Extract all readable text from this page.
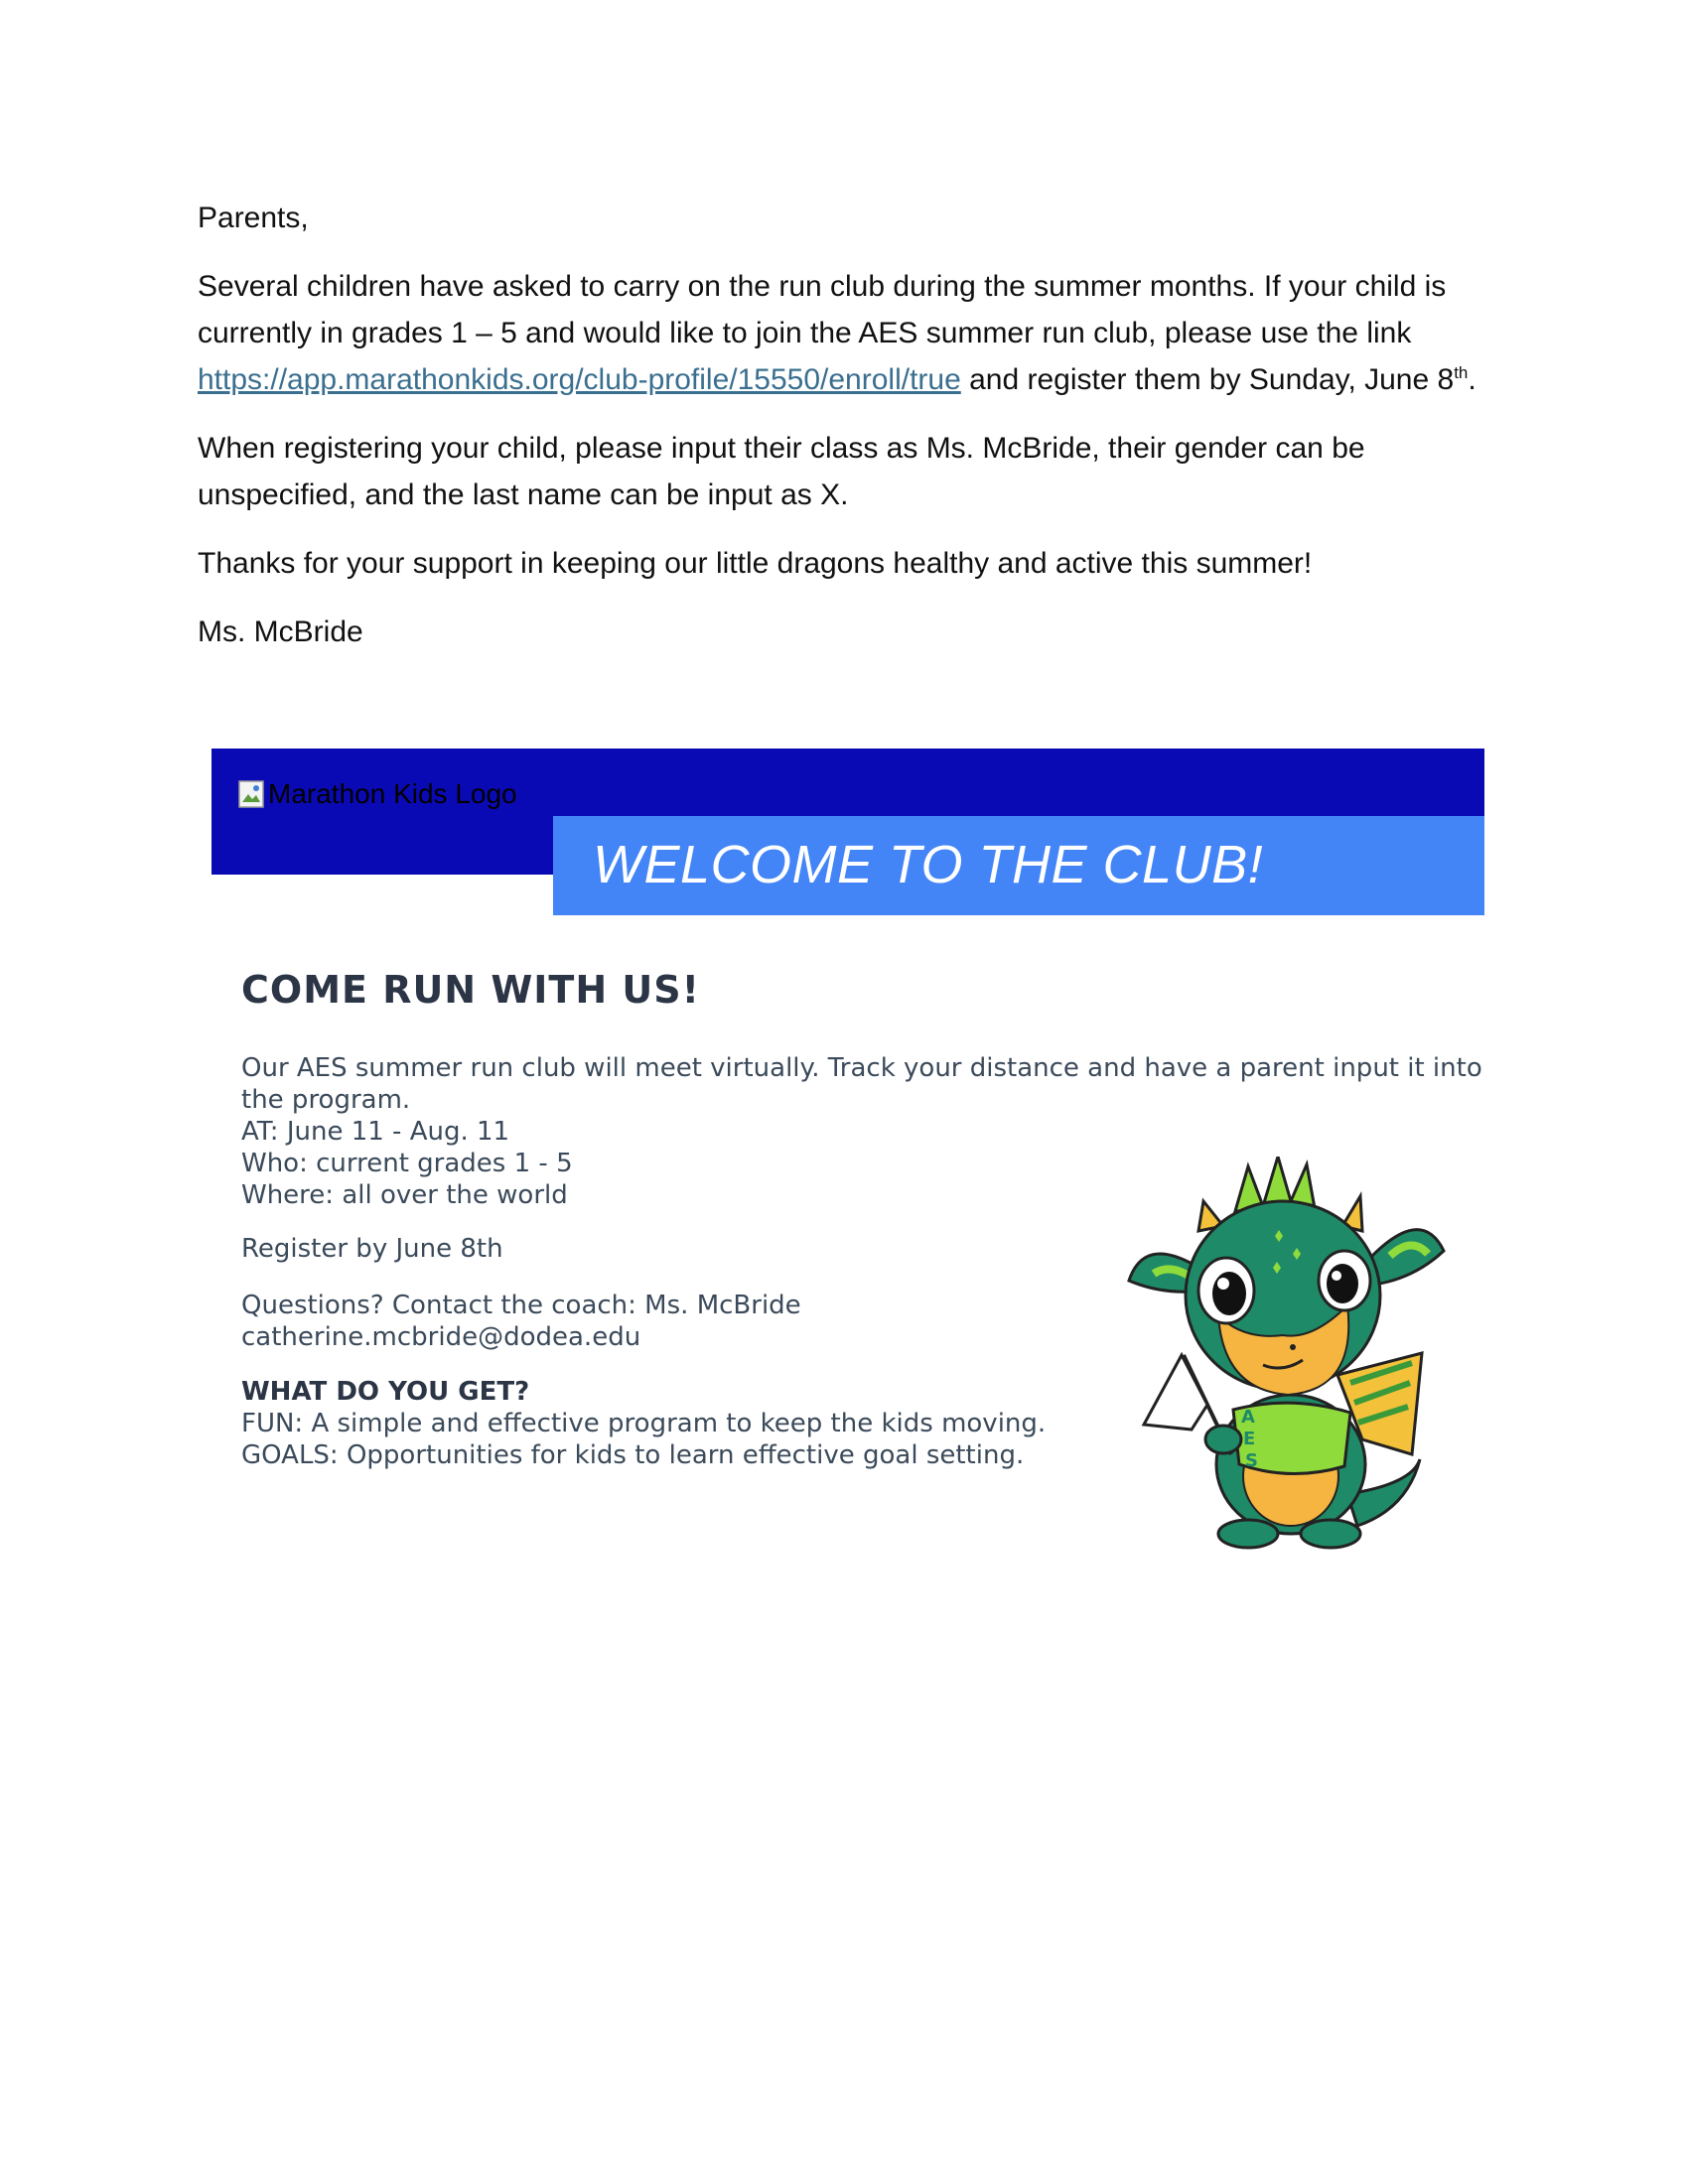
Parents,

Several children have asked to carry on the run club during the summer months. If your child is currently in grades 1 – 5 and would like to join the AES summer run club, please use the link https://app.marathonkids.org/club-profile/15550/enroll/true and register them by Sunday, June 8th.

When registering your child, please input their class as Ms. McBride, their gender can be unspecified, and the last name can be input as X.

Thanks for your support in keeping our little dragons healthy and active this summer!

Ms. McBride

Marathon Kids Logo
WELCOME TO THE CLUB!
COME RUN WITH US!
Our AES summer run club will meet virtually. Track your distance and have a parent input it into the program.
AT: June 11 - Aug. 11
Who: current grades 1 - 5
Where: all over the world
Register by June 8th
Questions? Contact the coach: Ms. McBride
catherine.mcbride@dodea.edu
WHAT DO YOU GET?
FUN: A simple and effective program to keep the kids moving.
GOALS: Opportunities for kids to learn effective goal setting.
A
E
S
